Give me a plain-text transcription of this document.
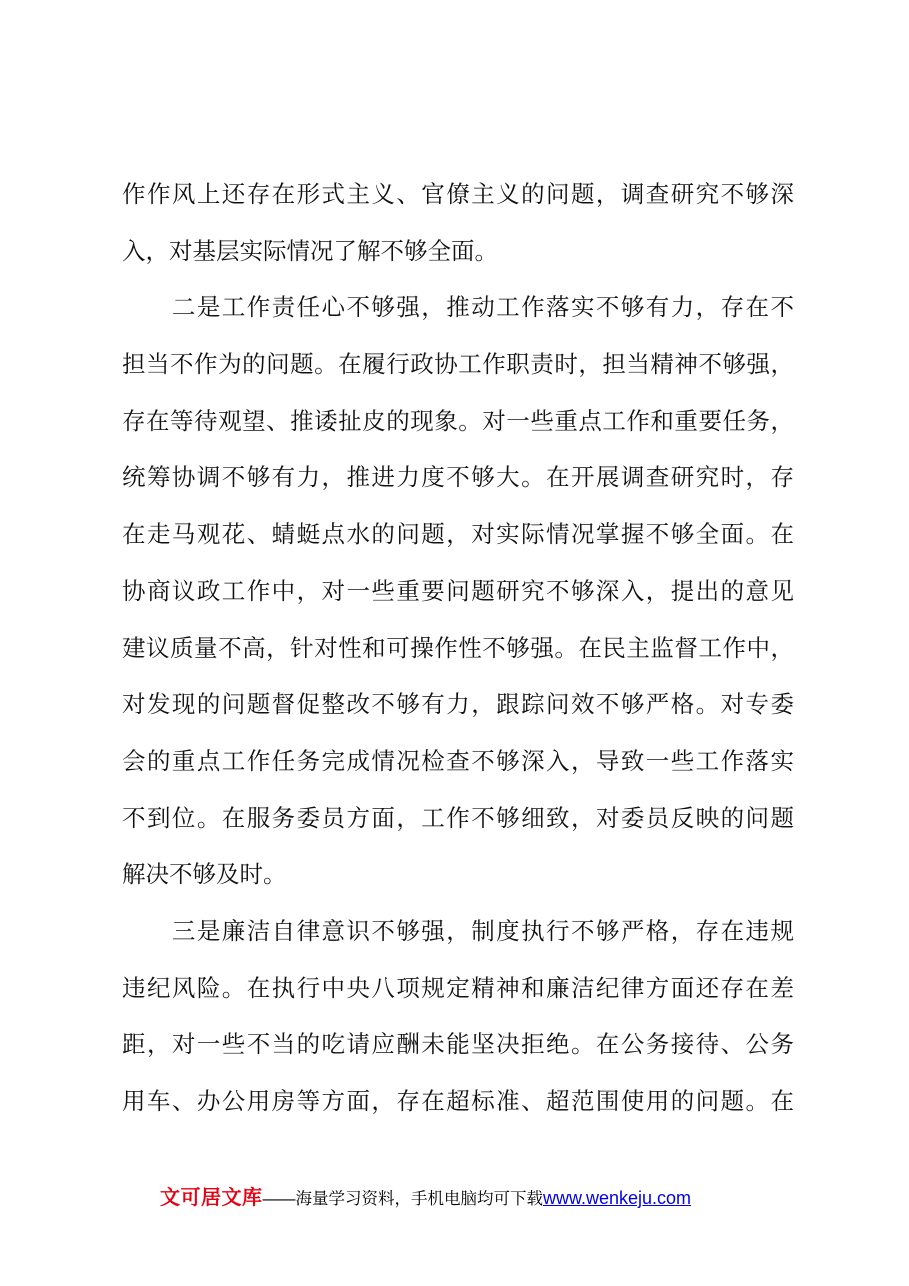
作作风上还存在形式主义、官僚主义的问题，调查研究不够深
入，对基层实际情况了解不够全面。
　　二是工作责任心不够强，推动工作落实不够有力，存在不
担当不作为的问题。在履行政协工作职责时，担当精神不够强，
存在等待观望、推诿扯皮的现象。对一些重点工作和重要任务，
统筹协调不够有力，推进力度不够大。在开展调查研究时，存
在走马观花、蜻蜓点水的问题，对实际情况掌握不够全面。在
协商议政工作中，对一些重要问题研究不够深入，提出的意见
建议质量不高，针对性和可操作性不够强。在民主监督工作中，
对发现的问题督促整改不够有力，跟踪问效不够严格。对专委
会的重点工作任务完成情况检查不够深入，导致一些工作落实
不到位。在服务委员方面，工作不够细致，对委员反映的问题
解决不够及时。
　　三是廉洁自律意识不够强，制度执行不够严格，存在违规
违纪风险。在执行中央八项规定精神和廉洁纪律方面还存在差
距，对一些不当的吃请应酬未能坚决拒绝。在公务接待、公务
用车、办公用房等方面，存在超标准、超范围使用的问题。在
文可居文库——海量学习资料，手机电脑均可下载www.wenkeju.com
